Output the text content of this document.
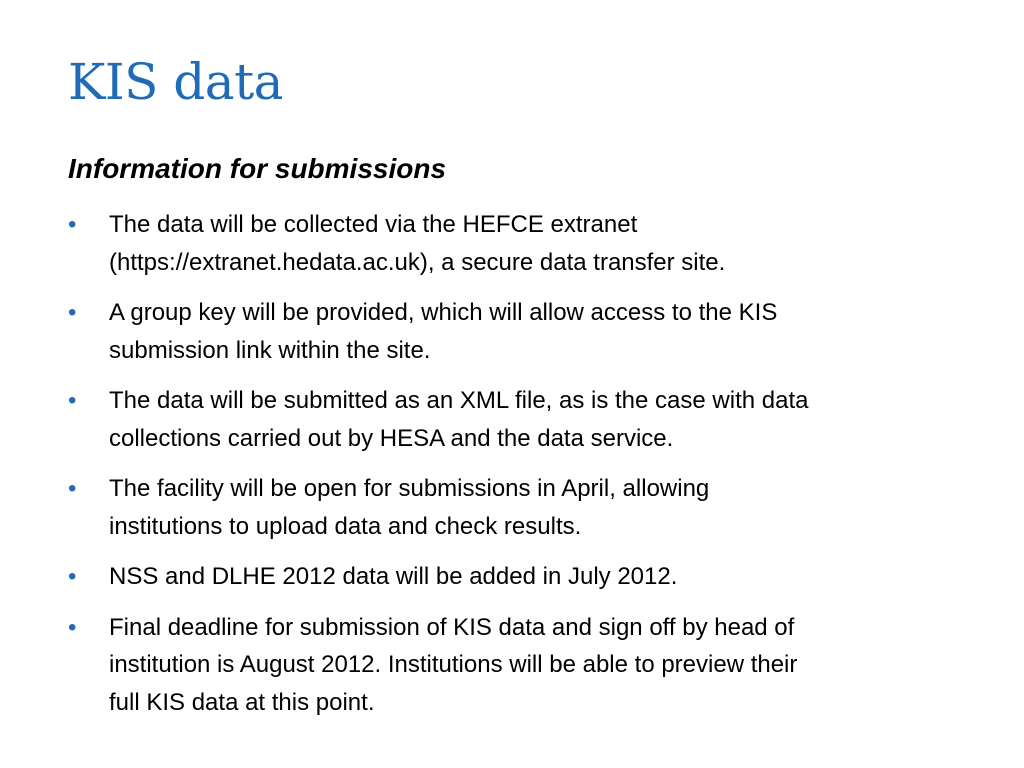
KIS data
Information for submissions
• The data will be collected via the HEFCE extranet
(https://extranet.hedata.ac.uk), a secure data transfer site.
• A group key will be provided, which will allow access to the KIS
submission link within the site.
• The data will be submitted as an XML file, as is the case with data
collections carried out by HESA and the data service.
• The facility will be open for submissions in April, allowing
institutions to upload data and check results.
• NSS and DLHE 2012 data will be added in July 2012.
• Final deadline for submission of KIS data and sign off by head of
institution is August 2012. Institutions will be able to preview their
full KIS data at this point.
